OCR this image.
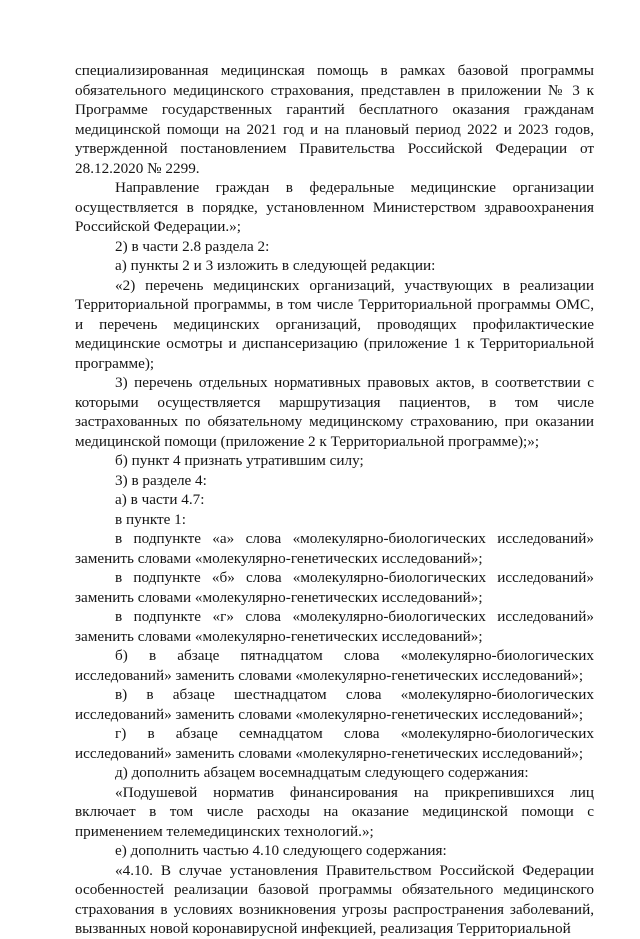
специализированная медицинская помощь в рамках базовой программы обязательного медицинского страхования, представлен в приложении № 3 к Программе государственных гарантий бесплатного оказания гражданам медицинской помощи на 2021 год и на плановый период 2022 и 2023 годов, утвержденной постановлением Правительства Российской Федерации от 28.12.2020 № 2299.

Направление граждан в федеральные медицинские организации осуществляется в порядке, установленном Министерством здравоохранения Российской Федерации.»;

2) в части 2.8 раздела 2:

а) пункты 2 и 3 изложить в следующей редакции:

«2) перечень медицинских организаций, участвующих в реализации Территориальной программы, в том числе Территориальной программы ОМС, и перечень медицинских организаций, проводящих профилактические медицинские осмотры и диспансеризацию (приложение 1 к Территориальной программе);

3) перечень отдельных нормативных правовых актов, в соответствии с которыми осуществляется маршрутизация пациентов, в том числе застрахованных по обязательному медицинскому страхованию, при оказании медицинской помощи (приложение 2 к Территориальной программе);»;

б) пункт 4 признать утратившим силу;

3) в разделе 4:

а) в части 4.7:

в пункте 1:

в подпункте «а» слова «молекулярно-биологических исследований» заменить словами «молекулярно-генетических исследований»;

в подпункте «б» слова «молекулярно-биологических исследований» заменить словами «молекулярно-генетических исследований»;

в подпункте «г» слова «молекулярно-биологических исследований» заменить словами «молекулярно-генетических исследований»;

б) в абзаце пятнадцатом слова «молекулярно-биологических исследований» заменить словами «молекулярно-генетических исследований»;

в) в абзаце шестнадцатом слова «молекулярно-биологических исследований» заменить словами «молекулярно-генетических исследований»;

г) в абзаце семнадцатом слова «молекулярно-биологических исследований» заменить словами «молекулярно-генетических исследований»;

д) дополнить абзацем восемнадцатым следующего содержания:

«Подушевой норматив финансирования на прикрепившихся лиц включает в том числе расходы на оказание медицинской помощи с применением телемедицинских технологий.»;

е) дополнить частью 4.10 следующего содержания:

«4.10. В случае установления Правительством Российской Федерации особенностей реализации базовой программы обязательного медицинского страхования в условиях возникновения угрозы распространения заболеваний, вызванных новой коронавирусной инфекцией, реализация Территориальной
